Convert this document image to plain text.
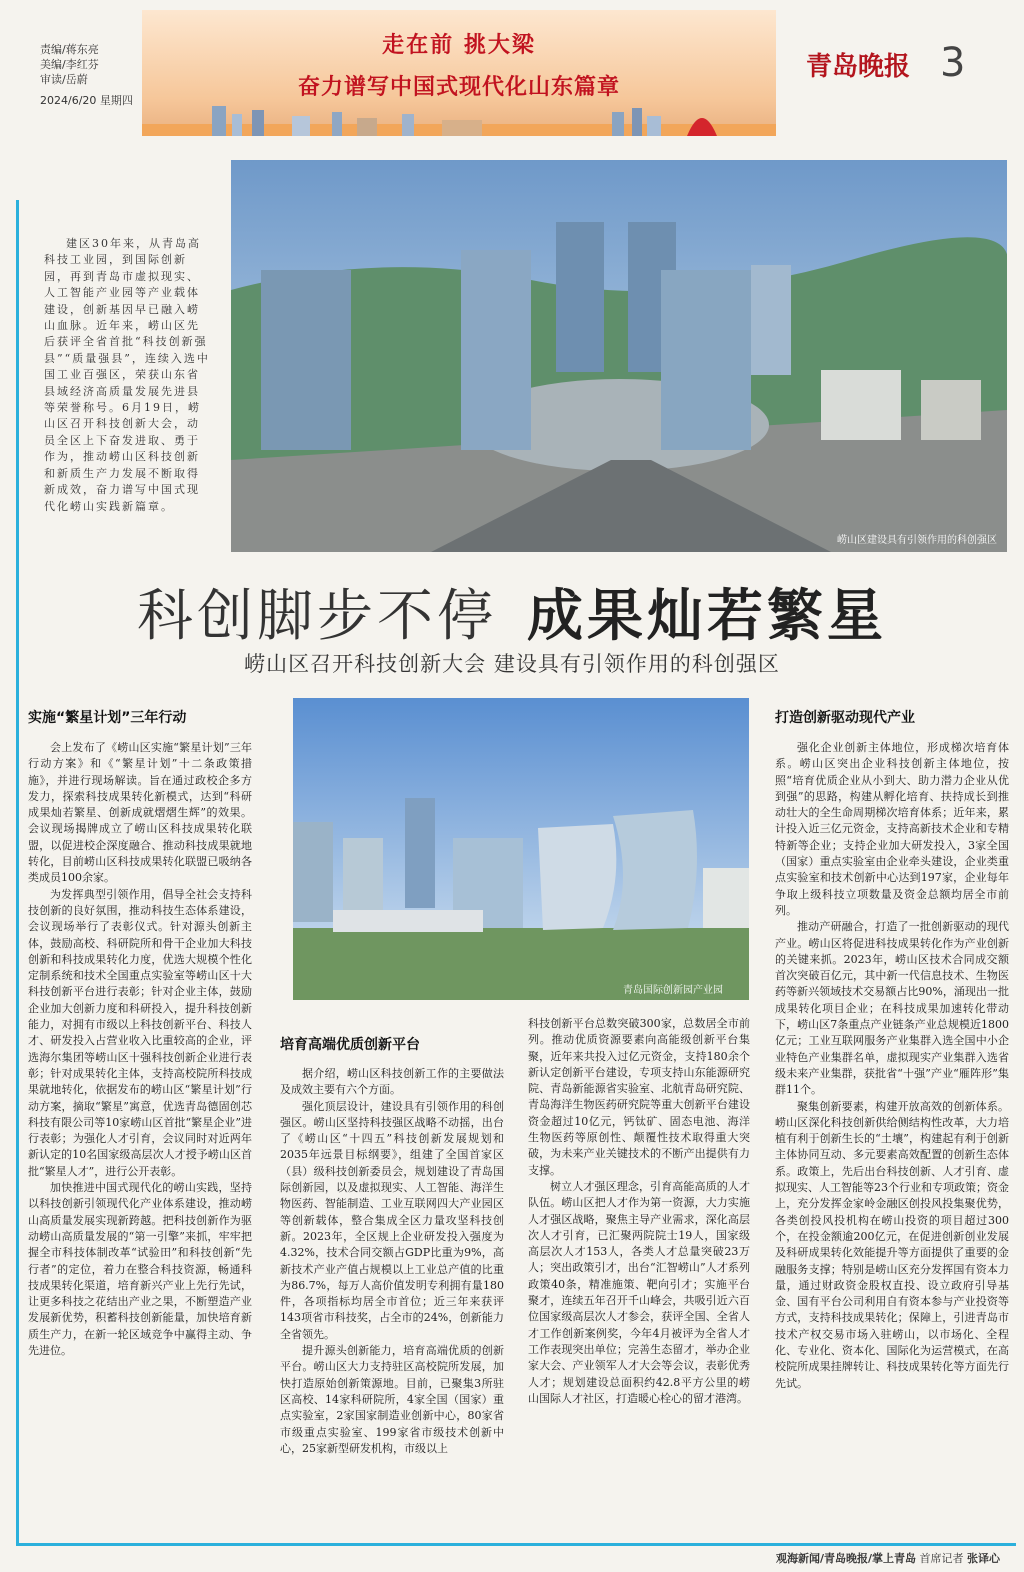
责编/蒋东亮
美编/李红芬
审读/岳蔚
2024/6/20 星期四
走在前 挑大梁
奋力谱写中国式现代化山东篇章
青岛晚报 3
崂山区建设具有引领作用的科创强区
建区30年来，从青岛高科技工业园，到国际创新园，再到青岛市虚拟现实、人工智能产业园等产业载体建设，创新基因早已融入崂山血脉。近年来，崂山区先后获评全省首批“科技创新强县”“质量强县”，连续入选中国工业百强区，荣获山东省县域经济高质量发展先进县等荣誉称号。6月19日，崂山区召开科技创新大会，动员全区上下奋发进取、勇于作为，推动崂山区科技创新和新质生产力发展不断取得新成效，奋力谱写中国式现代化崂山实践新篇章。
科创脚步不停 成果灿若繁星
崂山区召开科技创新大会 建设具有引领作用的科创强区
实施“繁星计划”三年行动
培育高端优质创新平台
打造创新驱动现代产业
青岛国际创新园产业园

会上发布了《崂山区实施“繁星计划”三年行动方案》和《“繁星计划”十二条政策措施》，并进行现场解读。旨在通过政校企多方发力，探索科技成果转化新模式，达到“科研成果灿若繁星、创新成就熠熠生辉”的效果。会议现场揭牌成立了崂山区科技成果转化联盟，以促进校企深度融合、推动科技成果就地转化，目前崂山区科技成果转化联盟已吸纳各类成员100余家。

为发挥典型引领作用，倡导全社会支持科技创新的良好氛围，推动科技生态体系建设，会议现场举行了表彰仪式。针对源头创新主体，鼓励高校、科研院所和骨干企业加大科技创新和科技成果转化力度，优选大规模个性化定制系统和技术全国重点实验室等崂山区十大科技创新平台进行表彰；针对企业主体，鼓励企业加大创新力度和科研投入，提升科技创新能力，对拥有市级以上科技创新平台、科技人才、研发投入占营业收入比重较高的企业，评选海尔集团等崂山区十强科技创新企业进行表彰；针对成果转化主体，支持高校院所科技成果就地转化，依据发布的崂山区“繁星计划”行动方案，摘取“繁星”寓意，优选青岛德固创芯科技有限公司等10家崂山区首批“繁星企业”进行表彰；为强化人才引育，会议同时对近两年新认定的10名国家级高层次人才授予崂山区首批“繁星人才”，进行公开表彰。

加快推进中国式现代化的崂山实践，坚持以科技创新引领现代化产业体系建设，推动崂山高质量发展实现新跨越。把科技创新作为驱动崂山高质量发展的“第一引擎”来抓，牢牢把握全市科技体制改革“试验田”和科技创新“先行者”的定位，着力在整合科技资源，畅通科技成果转化渠道，培育新兴产业上先行先试，让更多科技之花结出产业之果，不断塑造产业发展新优势，积蓄科技创新能量，加快培育新质生产力，在新一轮区域竞争中赢得主动、争先进位。

据介绍，崂山区科技创新工作的主要做法及成效主要有六个方面。

强化顶层设计，建设具有引领作用的科创强区。崂山区坚持科技强区战略不动摇，出台了《崂山区“十四五”科技创新发展规划和2035年远景目标纲要》，组建了全国首家区（县）级科技创新委员会，规划建设了青岛国际创新园，以及虚拟现实、人工智能、海洋生物医药、智能制造、工业互联网四大产业园区等创新载体，整合集成全区力量攻坚科技创新。2023年，全区规上企业研发投入强度为4.32%，技术合同交额占GDP比重为9%，高新技术产业产值占规模以上工业总产值的比重为86.7%，每万人高价值发明专利拥有量180件，各项指标均居全市首位；近三年来获评143项省市科技奖，占全市的24%，创新能力全省领先。

提升源头创新能力，培育高端优质的创新平台。崂山区大力支持驻区高校院所发展，加快打造原始创新策源地。目前，已聚集3所驻区高校、14家科研院所，4家全国（国家）重点实验室，2家国家制造业创新中心，80家省市级重点实验室、199家省市级技术创新中心，25家新型研发机构，市级以上

科技创新平台总数突破300家，总数居全市前列。推动优质资源要素向高能级创新平台集聚，近年来共投入过亿元资金，支持180余个新认定创新平台建设，专项支持山东能源研究院、青岛新能源省实验室、北航青岛研究院、青岛海洋生物医药研究院等重大创新平台建设资金超过10亿元，钙钛矿、固态电池、海洋生物医药等原创性、颠覆性技术取得重大突破，为未来产业关键技术的不断产出提供有力支撑。

树立人才强区理念，引育高能高质的人才队伍。崂山区把人才作为第一资源，大力实施人才强区战略，聚焦主导产业需求，深化高层次人才引育，已汇聚两院院士19人，国家级高层次人才153人，各类人才总量突破23万人；突出政策引才，出台“汇智崂山”人才系列政策40条，精准施策、靶向引才；实施平台聚才，连续五年召开千山峰会，共吸引近六百位国家级高层次人才参会，获评全国、全省人才工作创新案例奖，今年4月被评为全省人才工作表现突出单位；完善生态留才，举办企业家大会、产业领军人才大会等会议，表彰优秀人才；规划建设总面积约42.8平方公里的崂山国际人才社区，打造暖心栓心的留才港湾。

强化企业创新主体地位，形成梯次培育体系。崂山区突出企业科技创新主体地位，按照“培育优质企业从小到大、助力潜力企业从优到强”的思路，构建从孵化培育、扶持成长到推动壮大的全生命周期梯次培育体系；近年来，累计投入近三亿元资金，支持高新技术企业和专精特新等企业；支持企业加大研发投入，3家全国（国家）重点实验室由企业牵头建设，企业类重点实验室和技术创新中心达到197家，企业每年争取上级科技立项数量及资金总额均居全市前列。

推动产研融合，打造了一批创新驱动的现代产业。崂山区将促进科技成果转化作为产业创新的关键来抓。2023年，崂山区技术合同成交额首次突破百亿元，其中新一代信息技术、生物医药等新兴领域技术交易额占比90%，涌现出一批成果转化项目企业；在科技成果加速转化带动下，崂山区7条重点产业链条产业总规模近1800亿元；工业互联网服务产业集群入选全国中小企业特色产业集群名单，虚拟现实产业集群入选省级未来产业集群，获批省“十强”产业“雁阵形”集群11个。

聚集创新要素，构建开放高效的创新体系。崂山区深化科技创新供给侧结构性改革，大力培植有利于创新生长的“土壤”，构建起有利于创新主体协同互动、多元要素高效配置的创新生态体系。政策上，先后出台科技创新、人才引育、虚拟现实、人工智能等23个行业和专项政策；资金上，充分发挥金家岭金融区创投风投集聚优势，各类创投风投机构在崂山投资的项目超过300个，在投金额逾200亿元，在促进创新创业发展及科研成果转化效能提升等方面提供了重要的金融服务支撑；特别是崂山区充分发挥国有资本力量，通过财政资金股权直投、设立政府引导基金、国有平台公司利用自有资本参与产业投资等方式，支持科技成果转化；保障上，引进青岛市技术产权交易市场入驻崂山，以市场化、全程化、专业化、资本化、国际化为运营模式，在高校院所成果挂牌转让、科技成果转化等方面先行先试。

观海新闻/青岛晚报/掌上青岛 首席记者 张译心
